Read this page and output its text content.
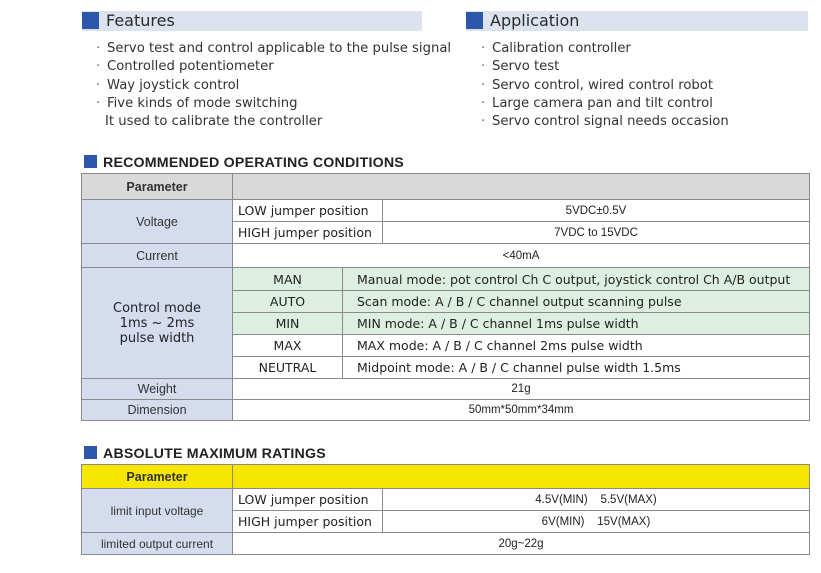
Features
· Servo test and control applicable to the pulse signal
· Controlled potentiometer
· Way joystick control
· Five kinds of mode switching
It used to calibrate the controller
Application
· Calibration controller
· Servo test
· Servo control, wired control robot
· Large camera pan and tilt control
· Servo control signal needs occasion
RECOMMENDED OPERATING CONDITIONS
Parameter			
Voltage	LOW jumper position		5VDC±0.5V
	HIGH jumper position		7VDC to 15VDC
Current	<40mA		
Control mode
1ms ~ 2ms
pulse width	MAN	Manual mode: pot control Ch C output, joystick control Ch A/B output	
	AUTO	Scan mode: A / B / C channel output scanning pulse	
	MIN	MIN mode: A / B / C channel 1ms pulse width	
	MAX	MAX mode: A / B / C channel 2ms pulse width	
	NEUTRAL	Midpoint mode: A / B / C channel pulse width 1.5ms	
Weight	21g		
Dimension	50mm*50mm*34mm		
ABSOLUTE MAXIMUM RATINGS
Parameter		
limit input voltage	LOW jumper position	4.5V(MIN)    5.5V(MAX)
	HIGH jumper position	6V(MIN)    15V(MAX)
limited output current	20g~22g	
